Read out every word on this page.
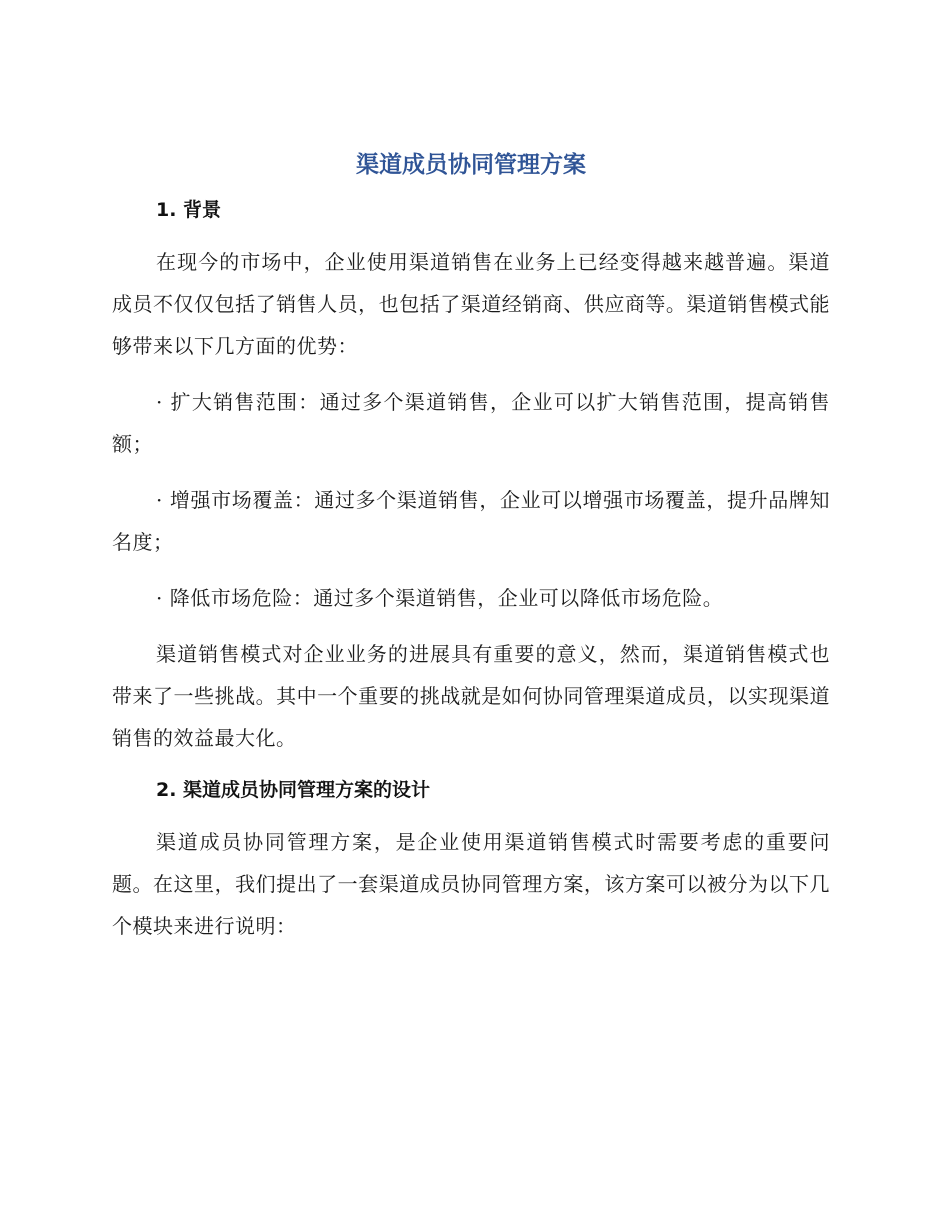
渠道成员协同管理方案
1. 背景

在现今的市场中，企业使用渠道销售在业务上已经变得越来越普遍。渠道成员不仅仅包括了销售人员，也包括了渠道经销商、供应商等。渠道销售模式能够带来以下几方面的优势：

· 扩大销售范围：通过多个渠道销售，企业可以扩大销售范围，提高销售额；

· 增强市场覆盖：通过多个渠道销售，企业可以增强市场覆盖，提升品牌知名度；

· 降低市场危险：通过多个渠道销售，企业可以降低市场危险。

渠道销售模式对企业业务的进展具有重要的意义，然而，渠道销售模式也带来了一些挑战。其中一个重要的挑战就是如何协同管理渠道成员，以实现渠道销售的效益最大化。

2. 渠道成员协同管理方案的设计

渠道成员协同管理方案，是企业使用渠道销售模式时需要考虑的重要问题。在这里，我们提出了一套渠道成员协同管理方案，该方案可以被分为以下几个模块来进行说明：
